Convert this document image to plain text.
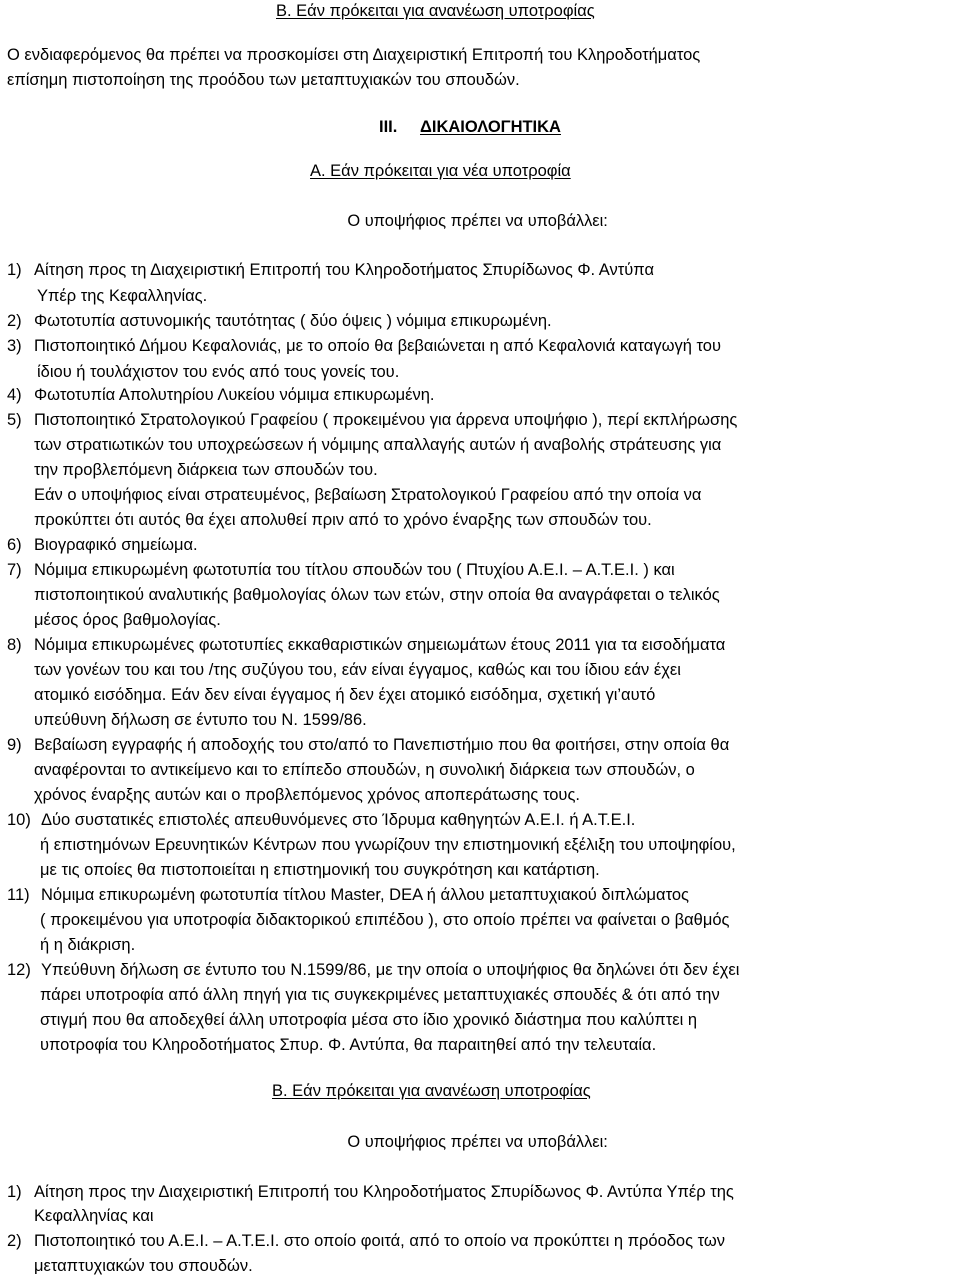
Β. Εάν πρόκειται για ανανέωση υποτροφίας
Ο ενδιαφερόμενος θα πρέπει να προσκομίσει στη Διαχειριστική Επιτροπή του Κληροδοτήματος
επίσημη πιστοποίηση της προόδου των μεταπτυχιακών του σπουδών.
ΙΙΙ. ΔΙΚΑΙΟΛΟΓΗΤΙΚΑ
Α. Εάν πρόκειται για νέα υποτροφία
Ο υποψήφιος πρέπει να υποβάλλει:
1) Αίτηση προς τη Διαχειριστική Επιτροπή του Κληροδοτήματος Σπυρίδωνος Φ. Αντύπα
Υπέρ της Κεφαλληνίας.
2) Φωτοτυπία αστυνομικής ταυτότητας ( δύο όψεις ) νόμιμα επικυρωμένη.
3) Πιστοποιητικό Δήμου Κεφαλονιάς, με το οποίο θα βεβαιώνεται η από Κεφαλονιά καταγωγή του
ίδιου ή τουλάχιστον του ενός από τους γονείς του.
4) Φωτοτυπία Απολυτηρίου Λυκείου νόμιμα επικυρωμένη.
5) Πιστοποιητικό Στρατολογικού Γραφείου ( προκειμένου για άρρενα υποψήφιο ), περί εκπλήρωσης
των στρατιωτικών του υποχρεώσεων ή νόμιμης απαλλαγής αυτών ή αναβολής στράτευσης για
την προβλεπόμενη διάρκεια των σπουδών του.
Εάν ο υποψήφιος είναι στρατευμένος, βεβαίωση Στρατολογικού Γραφείου από την οποία να
προκύπτει ότι αυτός θα έχει απολυθεί πριν από το χρόνο έναρξης των σπουδών του.
6) Βιογραφικό σημείωμα.
7) Νόμιμα επικυρωμένη φωτοτυπία του τίτλου σπουδών του ( Πτυχίου Α.Ε.Ι. – Α.Τ.Ε.Ι. ) και
πιστοποιητικού αναλυτικής βαθμολογίας όλων των ετών, στην οποία θα αναγράφεται ο τελικός
μέσος όρος βαθμολογίας.
8) Νόμιμα επικυρωμένες φωτοτυπίες εκκαθαριστικών σημειωμάτων έτους 2011 για τα εισοδήματα
των γονέων του και του /της συζύγου του, εάν είναι έγγαμος, καθώς και του ίδιου εάν έχει
ατομικό εισόδημα. Εάν δεν είναι έγγαμος ή δεν έχει ατομικό εισόδημα, σχετική γι’αυτό
υπεύθυνη δήλωση σε έντυπο του Ν. 1599/86.
9) Βεβαίωση εγγραφής ή αποδοχής του στο/από το Πανεπιστήμιο που θα φοιτήσει, στην οποία θα
αναφέρονται το αντικείμενο και το επίπεδο σπουδών, η συνολική διάρκεια των σπουδών, ο
χρόνος έναρξης αυτών και ο προβλεπόμενος χρόνος αποπεράτωσης τους.
10) Δύο συστατικές επιστολές απευθυνόμενες στο Ίδρυμα καθηγητών Α.Ε.Ι. ή Α.Τ.Ε.Ι.
ή επιστημόνων Ερευνητικών Κέντρων που γνωρίζουν την επιστημονική εξέλιξη του υποψηφίου,
με τις οποίες θα πιστοποιείται η επιστημονική του συγκρότηση και κατάρτιση.
11) Νόμιμα επικυρωμένη φωτοτυπία τίτλου Master, DEA ή άλλου μεταπτυχιακού διπλώματος
( προκειμένου για υποτροφία διδακτορικού επιπέδου ), στο οποίο πρέπει να φαίνεται ο βαθμός
ή η διάκριση.
12) Υπεύθυνη δήλωση σε έντυπο του Ν.1599/86, με την οποία ο υποψήφιος θα δηλώνει ότι δεν έχει
πάρει υποτροφία από άλλη πηγή για τις συγκεκριμένες μεταπτυχιακές σπουδές & ότι από την
στιγμή που θα αποδεχθεί άλλη υποτροφία μέσα στο ίδιο χρονικό διάστημα που καλύπτει η
υποτροφία του Κληροδοτήματος Σπυρ. Φ. Αντύπα, θα παραιτηθεί από την τελευταία.
Β. Εάν πρόκειται για ανανέωση υποτροφίας
Ο υποψήφιος πρέπει να υποβάλλει:
1) Αίτηση προς την Διαχειριστική Επιτροπή του Κληροδοτήματος Σπυρίδωνος Φ. Αντύπα Υπέρ της
Κεφαλληνίας και
2) Πιστοποιητικό του Α.Ε.Ι. – Α.Τ.Ε.Ι. στο οποίο φοιτά, από το οποίο να προκύπτει η πρόοδος των
μεταπτυχιακών του σπουδών.
